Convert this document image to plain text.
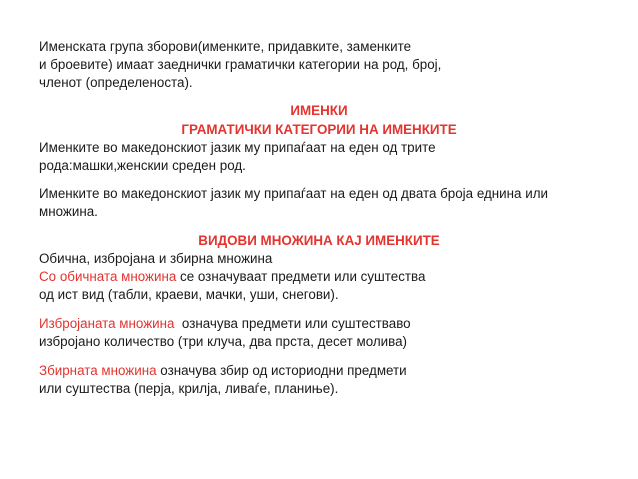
Именската група зборови(имeнките, придавките, заменките
и броевите) имаат заеднички граматички категории на род, број,
членот (определеноста).
ИМЕНКИ
ГРАМАТИЧКИ КАТЕГОРИИ НА ИМЕНКИТЕ
Имeнките во македонскиот јазик му припаѓаат на еден од трите
рода:машки,женскии среден род.
Имeнките во македонскиот јазик му припаѓаат на еден од двата броја еднина или
множина.
ВИДОВИ МНОЖИНА КАЈ ИМЕНКИТЕ
Обична, избројана и збирна множина
Со обичната множина се означуваат предмети или суштества
од ист вид (табли, краеви, мачки, уши, снегови).
Избројаната множина  означува предмети или суштестваво
избројано количество (три клуча, два прста, десет молива)
Збирната множина означува збир од историодни предмети
или суштества (перја, крилја, ливаѓе, планиње).
